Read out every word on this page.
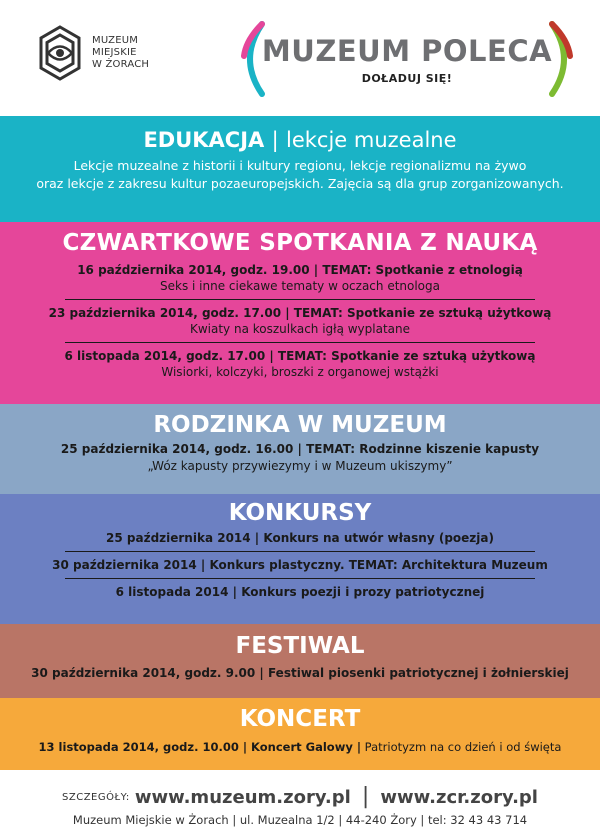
MUZEUM
MIEJSKIE
W ŻORACH	MUZEUM POLECA
DOŁADUJ SIĘ!
EDUKACJA | lekcje muzealne
Lekcje muzealne z historii i kultury regionu, lekcje regionalizmu na żywo
oraz lekcje z zakresu kultur pozaeuropejskich. Zajęcia są dla grup zorganizowanych.
CZWARTKOWE SPOTKANIA Z NAUKĄ
16 października 2014, godz. 19.00 | TEMAT: Spotkanie z etnologią
Seks i inne ciekawe tematy w oczach etnologa
23 października 2014, godz. 17.00 | TEMAT: Spotkanie ze sztuką użytkową
Kwiaty na koszulkach igłą wyplatane
6 listopada 2014, godz. 17.00 | TEMAT: Spotkanie ze sztuką użytkową
Wisiorki, kolczyki, broszki z organowej wstążki
RODZINKA W MUZEUM
25 października 2014, godz. 16.00 | TEMAT: Rodzinne kiszenie kapusty
„Wóz kapusty przywiezymy i w Muzeum ukiszymy”
KONKURSY
25 października 2014 | Konkurs na utwór własny (poezja)
30 października 2014 | Konkurs plastyczny. TEMAT: Architektura Muzeum
6 listopada 2014 | Konkurs poezji i prozy patriotycznej
FESTIWAL
30 października 2014, godz. 9.00 | Festiwal piosenki patriotycznej i żołnierskiej
KONCERT
13 listopada 2014, godz. 10.00 | Koncert Galowy | Patriotyzm na co dzień i od święta
SZCZEGÓŁY: www.muzeum.zory.pl | www.zcr.zory.pl
Muzeum Miejskie w Żorach | ul. Muzealna 1/2 | 44-240 Żory | tel: 32 43 43 714
